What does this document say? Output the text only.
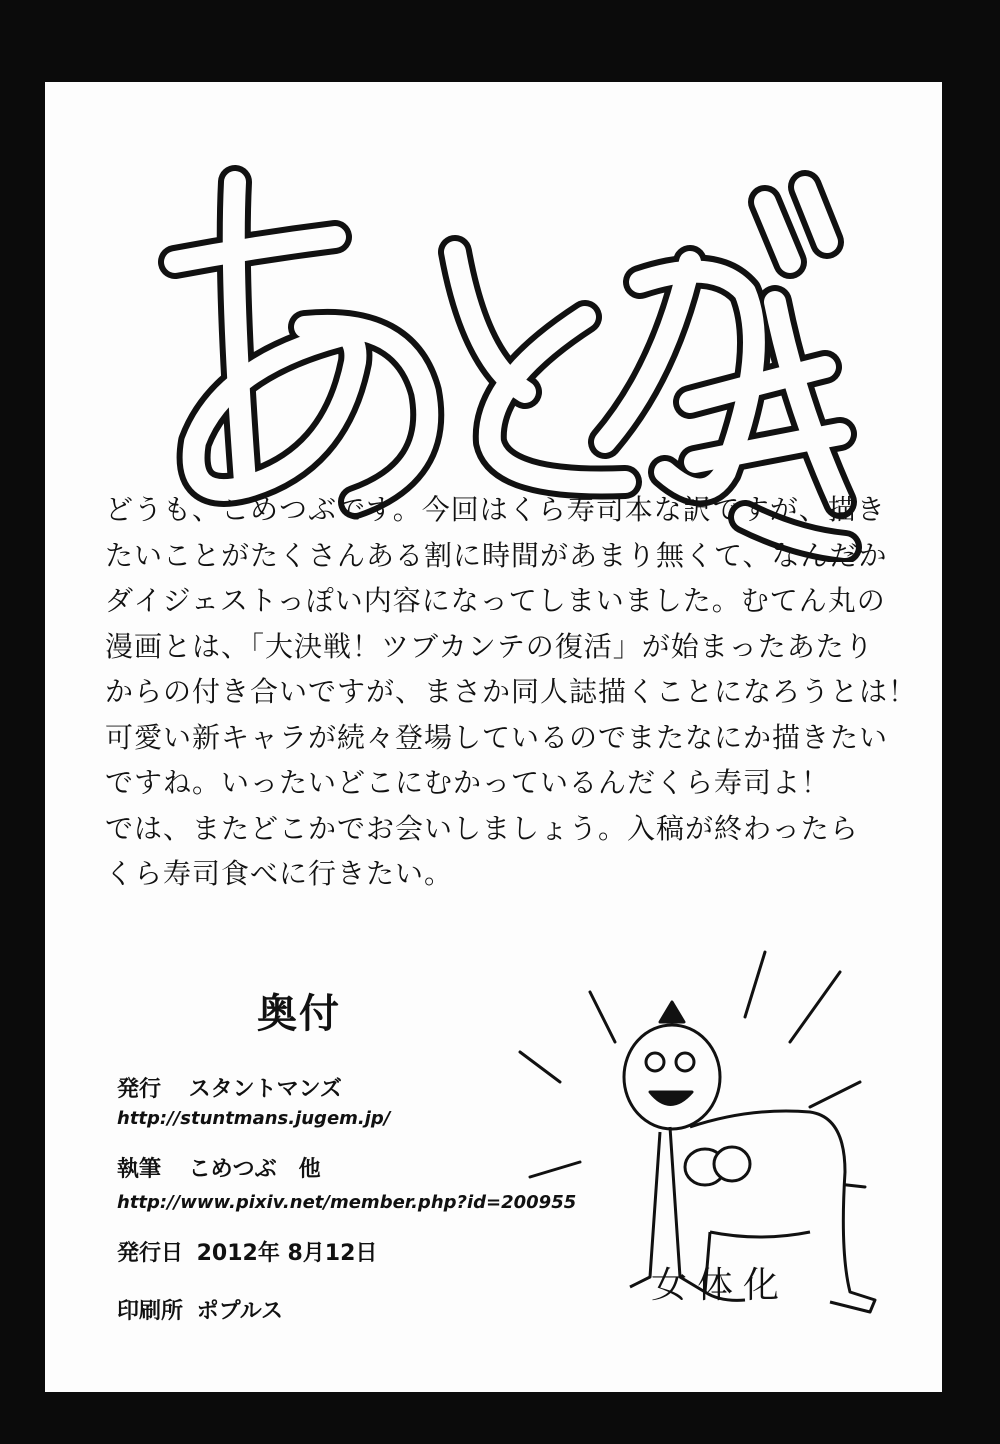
どうも、こめつぶです。今回はくら寿司本な訳ですが、描き
たいことがたくさんある割に時間があまり無くて、なんだか
ダイジェストっぽい内容になってしまいました。むてん丸の
漫画とは、「大決戦！ツブカンテの復活」が始まったあたり
からの付き合いですが、まさか同人誌描くことになろうとは！
可愛い新キャラが続々登場しているのでまたなにか描きたい
ですね。いったいどこにむかっているんだくら寿司よ！
では、またどこかでお会いしましょう。入稿が終わったら
くら寿司食べに行きたい。
奥付
発行 スタントマンズ
http://stuntmans.jugem.jp/
執筆 こめつぶ　他
http://www.pixiv.net/member.php?id=200955
発行日 2012年 8月12日
印刷所 ポプルス
女体化
